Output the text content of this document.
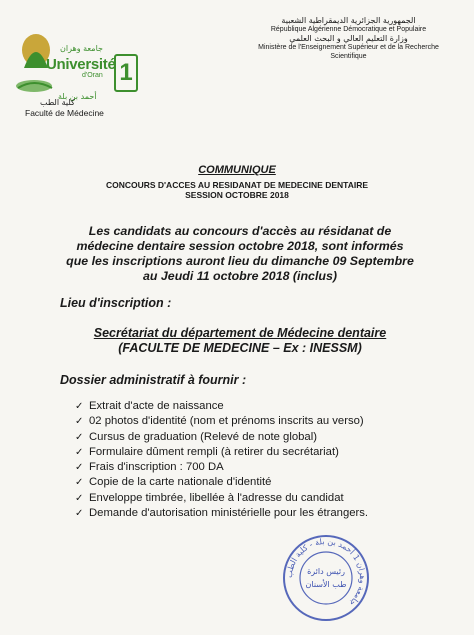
الجمهورية الجزائرية الديمقراطية الشعبية
République Algérienne Démocratique et Populaire
وزارة التعليم العالي و البحث العلمي
Ministère de l'Enseignement Supérieur et de la Recherche Scientifique
جامعة وهران
Université
d'Oran 1
أحمد بن بلة
كلية الطب
Faculté de Médecine
COMMUNIQUE
CONCOURS D'ACCES AU RESIDANAT DE MEDECINE DENTAIRE
SESSION OCTOBRE 2018
Les candidats au concours d'accès au résidanat de
médecine dentaire session octobre 2018, sont informés
que les inscriptions auront lieu du dimanche 09 Septembre
au Jeudi 11 octobre 2018 (inclus)
Lieu d'inscription :
Secrétariat du département de Médecine dentaire
(FACULTE DE MEDECINE – Ex : INESSM)
Dossier administratif à fournir :
✓ Extrait d'acte de naissance
✓ 02 photos d'identité (nom et prénoms inscrits au verso)
✓ Cursus de graduation (Relevé de note global)
✓ Formulaire dûment rempli (à retirer du secrétariat)
✓ Frais d'inscription : 700 DA
✓ Copie de la carte nationale d'identité
✓ Enveloppe timbrée, libellée à l'adresse du candidat
✓ Demande d'autorisation ministérielle pour les étrangers.
جامعة وهران 1 أحمد بن بلة - كلية الطب
رئيس دائرة
طب الأسنان
